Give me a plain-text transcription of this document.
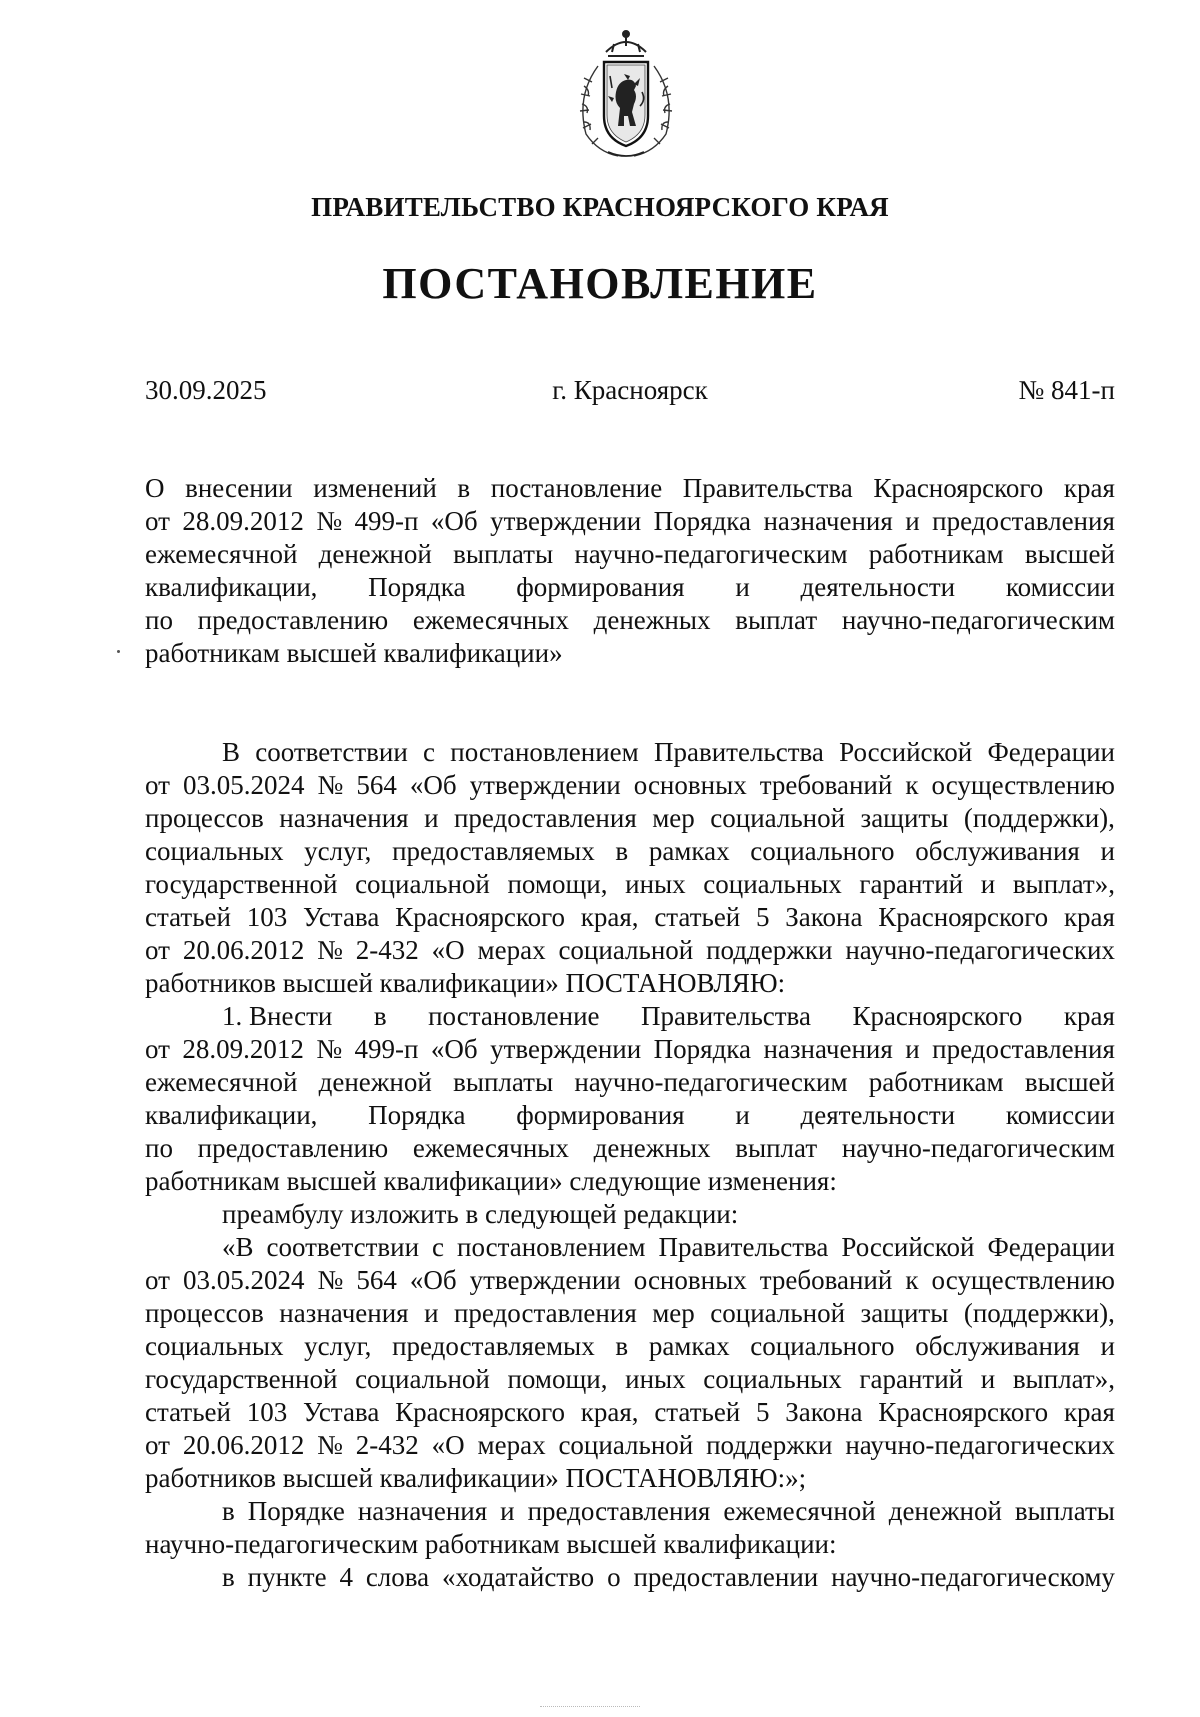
ПРАВИТЕЛЬСТВО КРАСНОЯРСКОГО КРАЯ
ПОСТАНОВЛЕНИЕ
г. Красноярск
30.09.2025	№ 841-п
О внесении изменений в постановление Правительства Красноярского края
от 28.09.2012 № 499-п «Об утверждении Порядка назначения и предоставления
ежемесячной денежной выплаты научно-педагогическим работникам высшей
квалификации, Порядка формирования и деятельности комиссии
по предоставлению ежемесячных денежных выплат научно-педагогическим
работникам высшей квалификации»
В соответствии с постановлением Правительства Российской Федерации
от 03.05.2024 № 564 «Об утверждении основных требований к осуществлению
процессов назначения и предоставления мер социальной защиты (поддержки),
социальных услуг, предоставляемых в рамках социального обслуживания и
государственной социальной помощи, иных социальных гарантий и выплат»,
статьей 103 Устава Красноярского края, статьей 5 Закона Красноярского края
от 20.06.2012 № 2-432 «О мерах социальной поддержки научно-педагогических
работников высшей квалификации» ПОСТАНОВЛЯЮ:
1. Внести в постановление Правительства Красноярского края
от 28.09.2012 № 499-п «Об утверждении Порядка назначения и предоставления
ежемесячной денежной выплаты научно-педагогическим работникам высшей
квалификации, Порядка формирования и деятельности комиссии
по предоставлению ежемесячных денежных выплат научно-педагогическим
работникам высшей квалификации» следующие изменения:
преамбулу изложить в следующей редакции:
«В соответствии с постановлением Правительства Российской Федерации
от 03.05.2024 № 564 «Об утверждении основных требований к осуществлению
процессов назначения и предоставления мер социальной защиты (поддержки),
социальных услуг, предоставляемых в рамках социального обслуживания и
государственной социальной помощи, иных социальных гарантий и выплат»,
статьей 103 Устава Красноярского края, статьей 5 Закона Красноярского края
от 20.06.2012 № 2-432 «О мерах социальной поддержки научно-педагогических
работников высшей квалификации» ПОСТАНОВЛЯЮ:»;
в Порядке назначения и предоставления ежемесячной денежной выплаты
научно-педагогическим работникам высшей квалификации:
в пункте 4 слова «ходатайство о предоставлении научно-педагогическому
